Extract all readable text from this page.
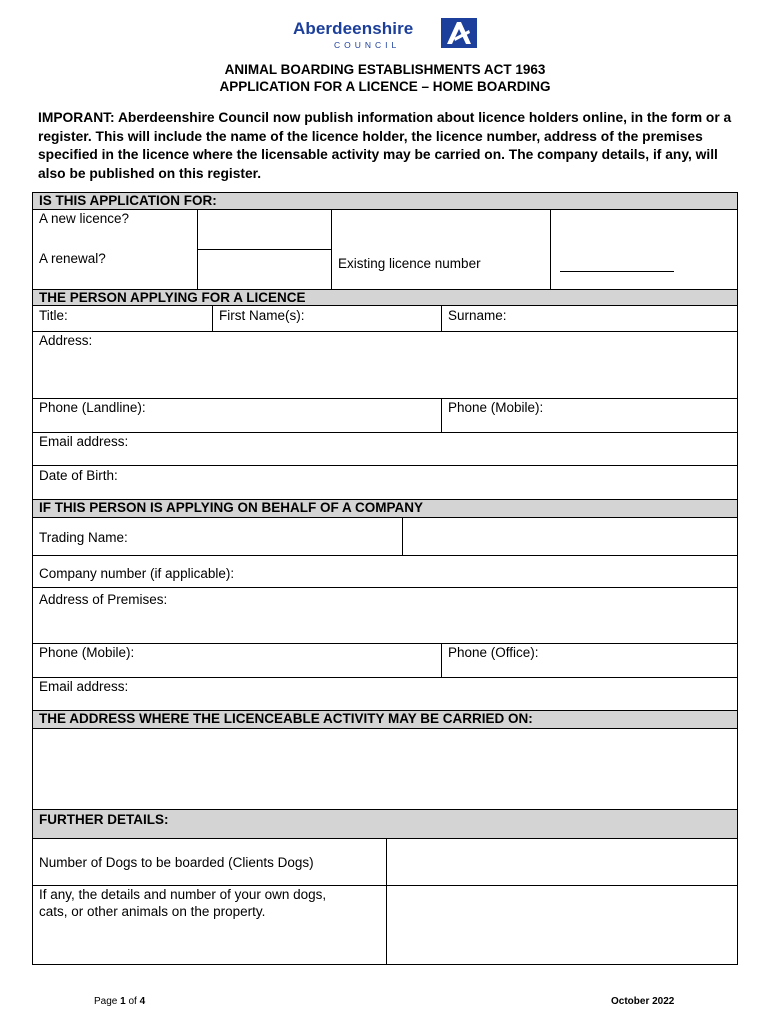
Aberdeenshire
COUNCIL
ANIMAL BOARDING ESTABLISHMENTS ACT 1963
APPLICATION FOR A LICENCE – HOME BOARDING
IMPORANT: Aberdeenshire Council now publish information about licence holders online, in the form or a register. This will include the name of the licence holder, the licence number, address of the premises specified in the licence where the licensable activity may be carried on. The company details, if any, will also be published on this register.
IS THIS APPLICATION FOR:
A new licence?
A renewal?	Existing licence number
THE PERSON APPLYING FOR A LICENCE
Title:	First Name(s):	Surname:
Address:
Phone (Landline):	Phone (Mobile):
Email address:
Date of Birth:
IF THIS PERSON IS APPLYING ON BEHALF OF A COMPANY
Trading Name:
Company number (if applicable):
Address of Premises:
Phone (Mobile):	Phone (Office):
Email address:
THE ADDRESS WHERE THE LICENCEABLE ACTIVITY MAY BE CARRIED ON:
FURTHER DETAILS:
Number of Dogs to be boarded (Clients Dogs)
If any, the details and number of your own dogs,
cats, or other animals on the property.
Page 1 of 4	October 2022
